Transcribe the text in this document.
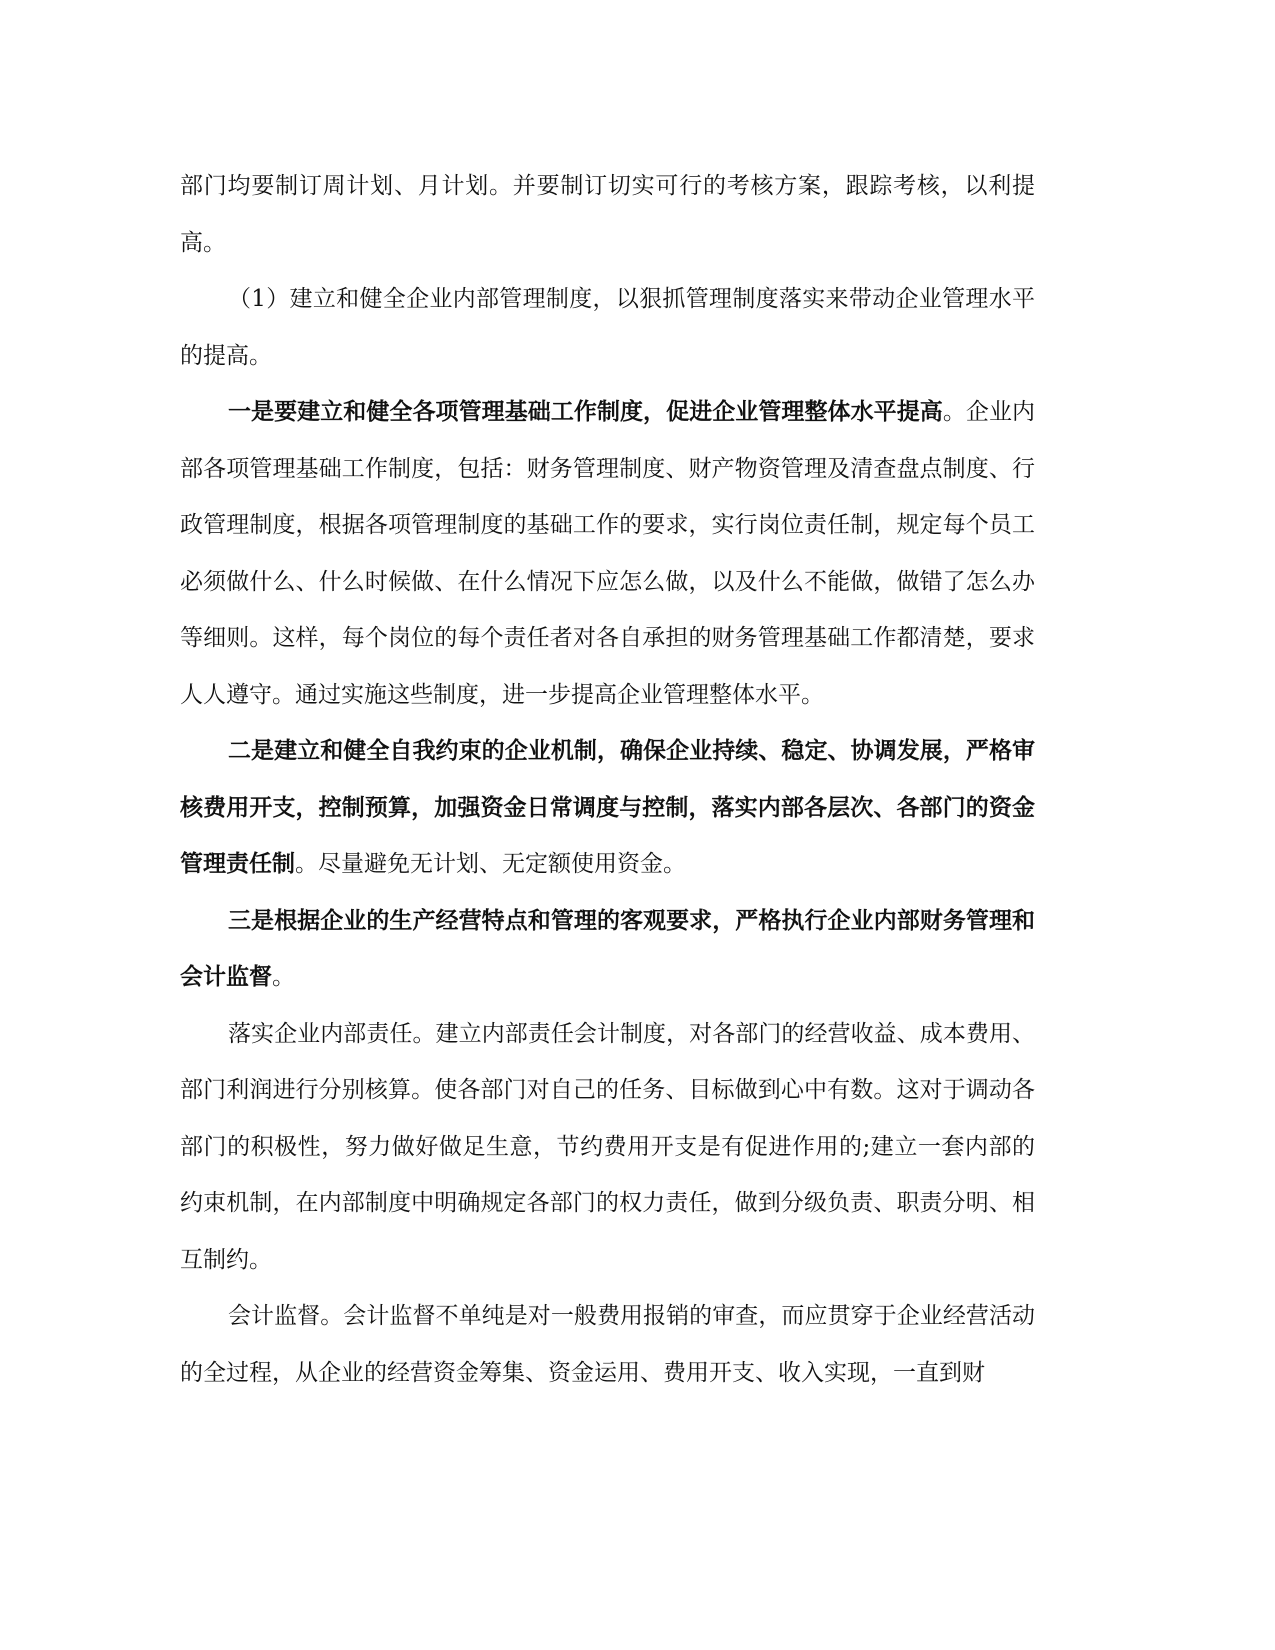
部门均要制订周计划、月计划。并要制订切实可行的考核方案，跟踪考核，以利提高。

（1）建立和健全企业内部管理制度，以狠抓管理制度落实来带动企业管理水平的提高。

一是要建立和健全各项管理基础工作制度，促进企业管理整体水平提高。企业内部各项管理基础工作制度，包括：财务管理制度、财产物资管理及清查盘点制度、行政管理制度，根据各项管理制度的基础工作的要求，实行岗位责任制，规定每个员工必须做什么、什么时候做、在什么情况下应怎么做，以及什么不能做，做错了怎么办等细则。这样，每个岗位的每个责任者对各自承担的财务管理基础工作都清楚，要求人人遵守。通过实施这些制度，进一步提高企业管理整体水平。

二是建立和健全自我约束的企业机制，确保企业持续、稳定、协调发展，严格审核费用开支，控制预算，加强资金日常调度与控制，落实内部各层次、各部门的资金管理责任制。尽量避免无计划、无定额使用资金。

三是根据企业的生产经营特点和管理的客观要求，严格执行企业内部财务管理和会计监督。

落实企业内部责任。建立内部责任会计制度，对各部门的经营收益、成本费用、部门利润进行分别核算。使各部门对自己的任务、目标做到心中有数。这对于调动各部门的积极性，努力做好做足生意，节约费用开支是有促进作用的;建立一套内部的约束机制，在内部制度中明确规定各部门的权力责任，做到分级负责、职责分明、相互制约。

会计监督。会计监督不单纯是对一般费用报销的审查，而应贯穿于企业经营活动的全过程，从企业的经营资金筹集、资金运用、费用开支、收入实现，一直到财
